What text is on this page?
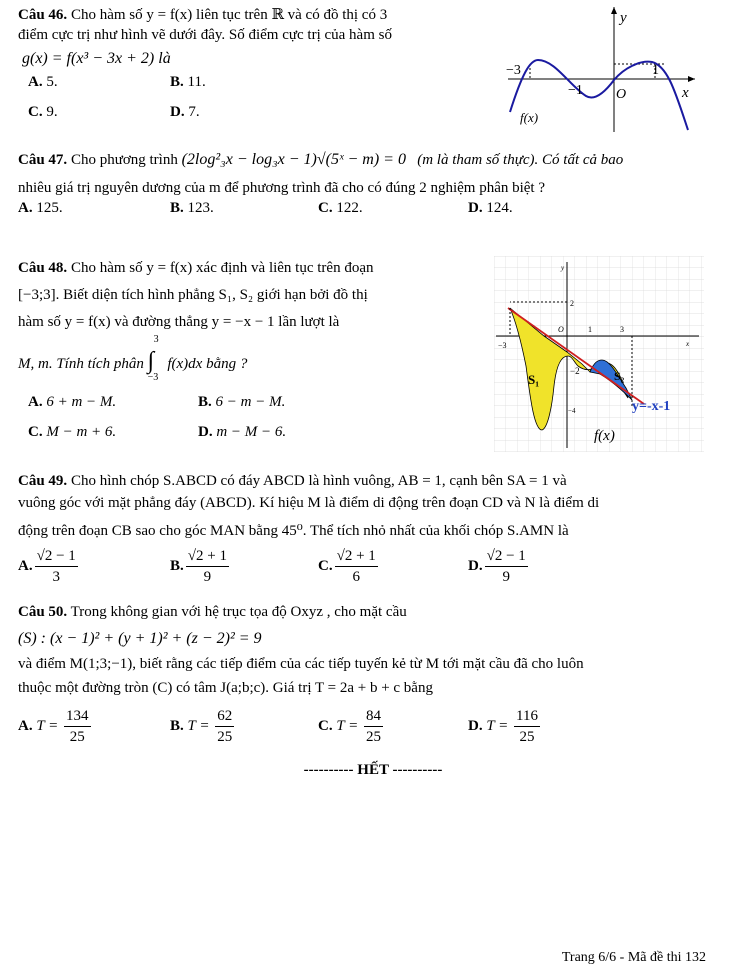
Câu 46. Cho hàm số y = f(x) liên tục trên ℝ và có đồ thị có 3
điểm cực trị như hình vẽ dưới đây. Số điểm cực trị của hàm số
g(x) = f(x³ − 3x + 2) là
A. 5.	B. 11.
C. 9.	D. 7.
y
x
O
−3
−1
1
f(x)
Câu 47. Cho phương trình (2log²₃x − log₃x − 1)√(5ˣ − m) = 0 (m là tham số thực). Có tất cả bao
nhiêu giá trị nguyên dương của m để phương trình đã cho có đúng 2 nghiệm phân biệt ?
A. 125.	B. 123.	C. 122.	D. 124.
Câu 48. Cho hàm số y = f(x) xác định và liên tục trên đoạn
[−3;3]. Biết diện tích hình phẳng S₁, S₂ giới hạn bởi đồ thị
hàm số y = f(x) và đường thẳng y = −x − 1 lần lượt là
M, m. Tính tích phân
3
∫
−3
f(x)dx bằng ?
A. 6 + m − M.	B. 6 − m − M.
C. M − m + 6.	D. m − M − 6.
y
2
O	1	3
−3	x
−2
−4
S₁	S₂
y=-x-1
f(x)
Câu 49. Cho hình chóp S.ABCD có đáy ABCD là hình vuông, AB = 1, cạnh bên SA = 1 và
vuông góc với mặt phẳng đáy (ABCD). Kí hiệu M là điểm di động trên đoạn CD và N là điểm di
động trên đoạn CB sao cho góc MAN bằng 45⁰. Thể tích nhỏ nhất của khối chóp S.AMN là
A. $\frac{√2 - 1}{3}$	B. $\frac{√2 + 1}{9}$	C. $\frac{√2 + 1}{6}$	D. $\frac{√2 - 1}{9}$
Câu 50. Trong không gian với hệ trục tọa độ Oxyz , cho mặt cầu
(S) : (x − 1)² + (y + 1)² + (z − 2)² = 9
và điểm M(1;3;−1), biết rằng các tiếp điểm của các tiếp tuyến kẻ từ M tới mặt cầu đã cho luôn
thuộc một đường tròn (C) có tâm J(a;b;c). Giá trị T = 2a + b + c bằng
A. $T = \frac{134}{25}$	B. $T = \frac{62}{25}$	C. $T = \frac{84}{25}$	D. $T = \frac{116}{25}$
---------- HẾT ----------
Trang 6/6 - Mã đề thi 132
